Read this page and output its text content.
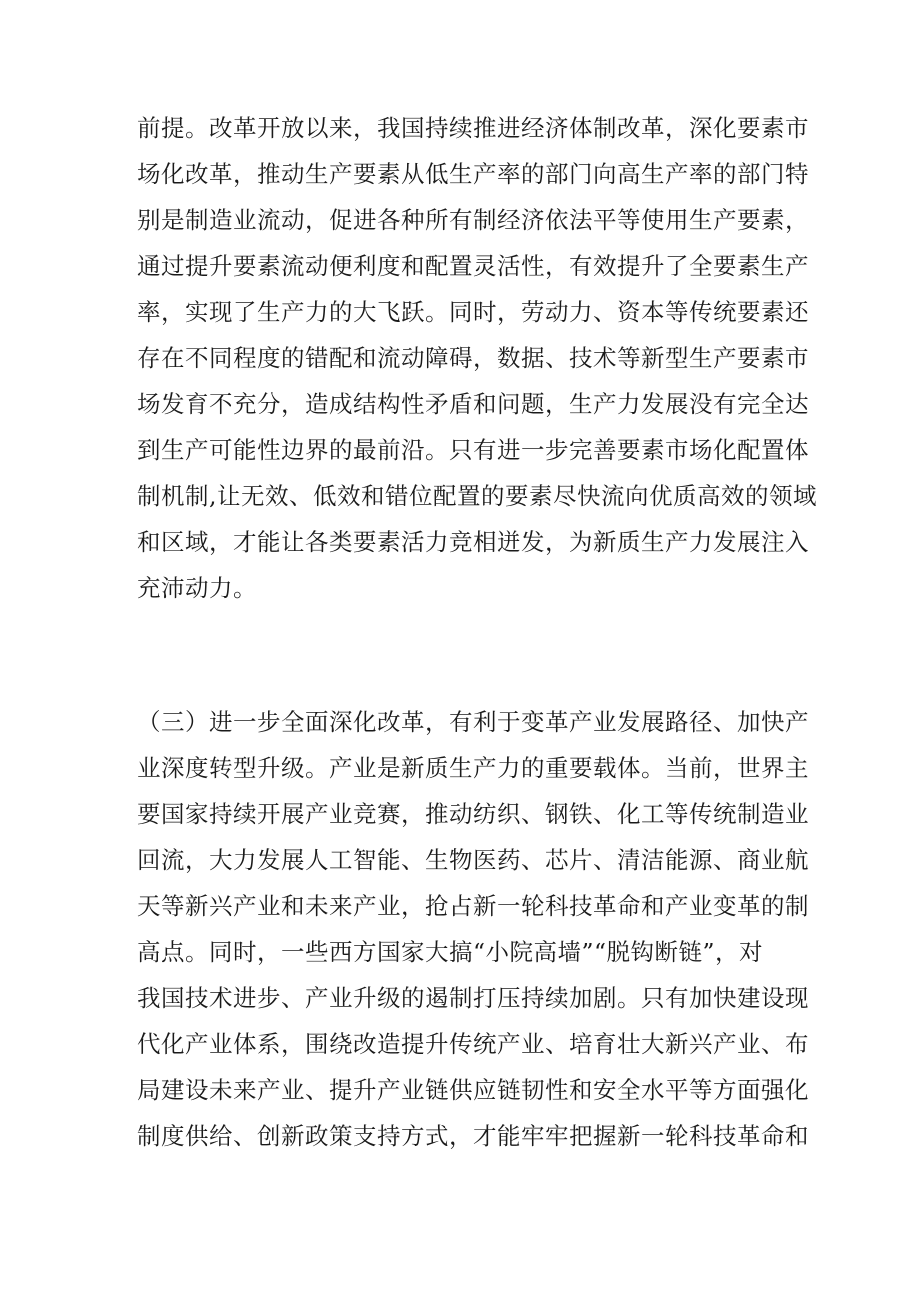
前提。改革开放以来，我国持续推进经济体制改革，深化要素市

场化改革，推动生产要素从低生产率的部门向高生产率的部门特

别是制造业流动，促进各种所有制经济依法平等使用生产要素，

通过提升要素流动便利度和配置灵活性，有效提升了全要素生产

率，实现了生产力的大飞跃。同时，劳动力、资本等传统要素还

存在不同程度的错配和流动障碍，数据、技术等新型生产要素市

场发育不充分，造成结构性矛盾和问题，生产力发展没有完全达

到生产可能性边界的最前沿。只有进一步完善要素市场化配置体

制机制,让无效、低效和错位配置的要素尽快流向优质高效的领域

和区域，才能让各类要素活力竞相迸发，为新质生产力发展注入

充沛动力。

（三）进一步全面深化改革，有利于变革产业发展路径、加快产

业深度转型升级。产业是新质生产力的重要载体。当前，世界主

要国家持续开展产业竞赛，推动纺织、钢铁、化工等传统制造业

回流，大力发展人工智能、生物医药、芯片、清洁能源、商业航

天等新兴产业和未来产业，抢占新一轮科技革命和产业变革的制

高点。同时，一些西方国家大搞“小院高墙”“脱钩断链”，对

我国技术进步、产业升级的遏制打压持续加剧。只有加快建设现

代化产业体系，围绕改造提升传统产业、培育壮大新兴产业、布

局建设未来产业、提升产业链供应链韧性和安全水平等方面强化

制度供给、创新政策支持方式，才能牢牢把握新一轮科技革命和
